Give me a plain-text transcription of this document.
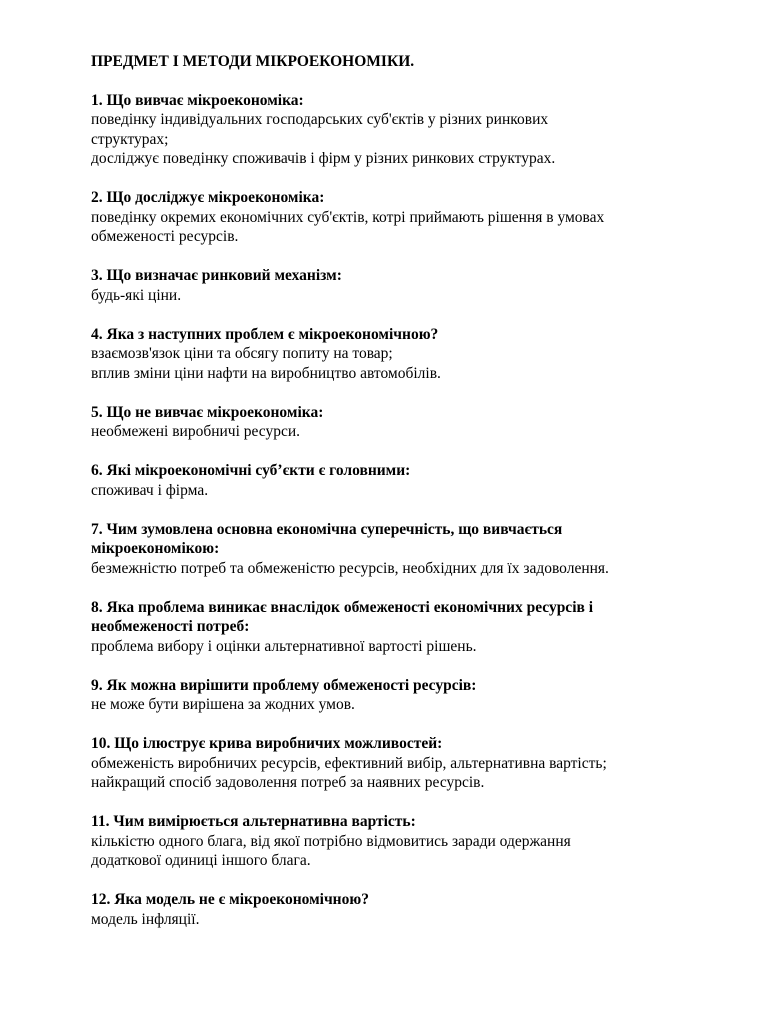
ПРЕДМЕТ І МЕТОДИ МІКРОЕКОНОМІКИ.

1. Що вивчає мікроекономіка:

поведінку індивідуальних господарських суб'єктів у різних ринкових

структурах;

досліджує поведінку споживачів і фірм у різних ринкових структурах.

2. Що досліджує мікроекономіка:

поведінку окремих економічних суб'єктів, котрі приймають рішення в умовах

обмеженості ресурсів.

3. Що визначає ринковий механізм:

будь-які ціни.

4. Яка з наступних проблем є мікроекономічною?

взаємозв'язок ціни та обсягу попиту на товар;

вплив зміни ціни нафти на виробництво автомобілів.

5. Що не вивчає мікроекономіка:

необмежені виробничі ресурси.

6. Які мікроекономічні суб’єкти є головними:

споживач і фірма.

7. Чим зумовлена основна економічна суперечність, що вивчається

мікроекономікою:

безмежністю потреб та обмеженістю ресурсів, необхідних для їх задоволення.

8. Яка проблема виникає внаслідок обмеженості економічних ресурсів і

необмеженості потреб:

проблема вибору і оцінки альтернативної вартості рішень.

9. Як можна вирішити проблему обмеженості ресурсів:

не може бути вирішена за жодних умов.

10. Що ілюструє крива виробничих можливостей:

обмеженість виробничих ресурсів, ефективний вибір, альтернативна вартість;

найкращий спосіб задоволення потреб за наявних ресурсів.

11. Чим вимірюється альтернативна вартість:

кількістю одного блага, від якої потрібно відмовитись заради одержання

додаткової одиниці іншого блага.

12. Яка модель не є мікроекономічною?

модель інфляції.
